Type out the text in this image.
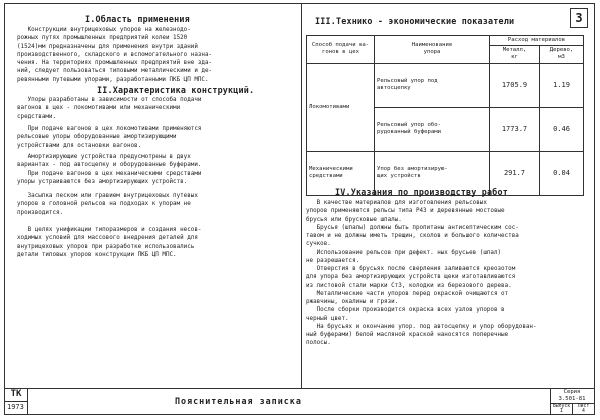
3
I.Область применения
Конструкции внутрицеховых упоров на железнодо-
рожных путях промышленных предприятий колеи 1520
(1524)мм предназначены для применения внутри зданий
производственного, складского и вспомогательного назна-
чения. На территориях промышленных предприятий вне зда-
ний, следует пользоваться типовыми металлическими и де-
ревянными путевыми упорами, разработанными ПКБ ЦП МПС.
II.Характеристика конструкций.
Упоры разработаны в зависимости от способа подачи
вагонов в цех - локомотивами или механическими
средствами.
При подаче вагонов в цех локомотивами применяются
рельсовые упоры оборудованные амортизирующими
устройствами для остановки вагонов.
Амортизирующие устройства предусмотрены в двух
вариантах - под автосцепку и оборудованные буферами.
При подаче вагонов в цех механическими средствами
упоры устраиваются без амортизирующих устройств.
Засыпка песком или гравием внутрицеховых путевых
упоров в головной рельсов на подходах к упорам не
производится.
В целях унификации типоразмеров и создания несов-
ходимых условий для массового внедрения деталей для
внутрицеховых упоров при разработке использовались
детали типовых упоров конструкции ПКБ ЦП МПС.
III.Технико - экономические показатели
Способ подачи ва-
гонов в цех	Наименование
упора	Расход материалов	
		Металл,
кг	Дерево,
м3
Локомотивами	Рельсовый упор под
автосцепку	1705.9	1.19
	Рельсовый упор обо-
рудованный буферами	1773.7	0.46
Механическими
средствами	Упор без амортизирую-
щих устройств	291.7	0.04
IV.Указания по производству работ
В качестве материалов для изготовления рельсовых
упоров применяются рельсы типа Р43 и деревянные мостовые
брусья или брусковые шпалы.
Брусья (шпалы) должны быть пропитаны антисептическим сос-
тавом и не должны иметь трещин, сколов и большого количества
сучков.
Использование рельсов при дефект. ных брусьев (шпал)
не разрешается.
Отверстия в брусьях после сверления заливаются креозотом
для упора без амортизирующих устройств щеки изготавливаются
из листовой стали марки СтЗ, колодки из березового дерева.
Металлические части упоров перед окраской очищаются от
ржавчины, окалины и грязи.
После сборки производится окраска всех узлов упоров в
черный цвет.
На брусьях и окончание упор. под автосцепку и упор оборудован-
ный буферами) белой масляной краской наносятся поперечные
полосы.
ТК
1973
Пояснительная записка
Серия
3.501-81
Выпуск
I
Лист
4
